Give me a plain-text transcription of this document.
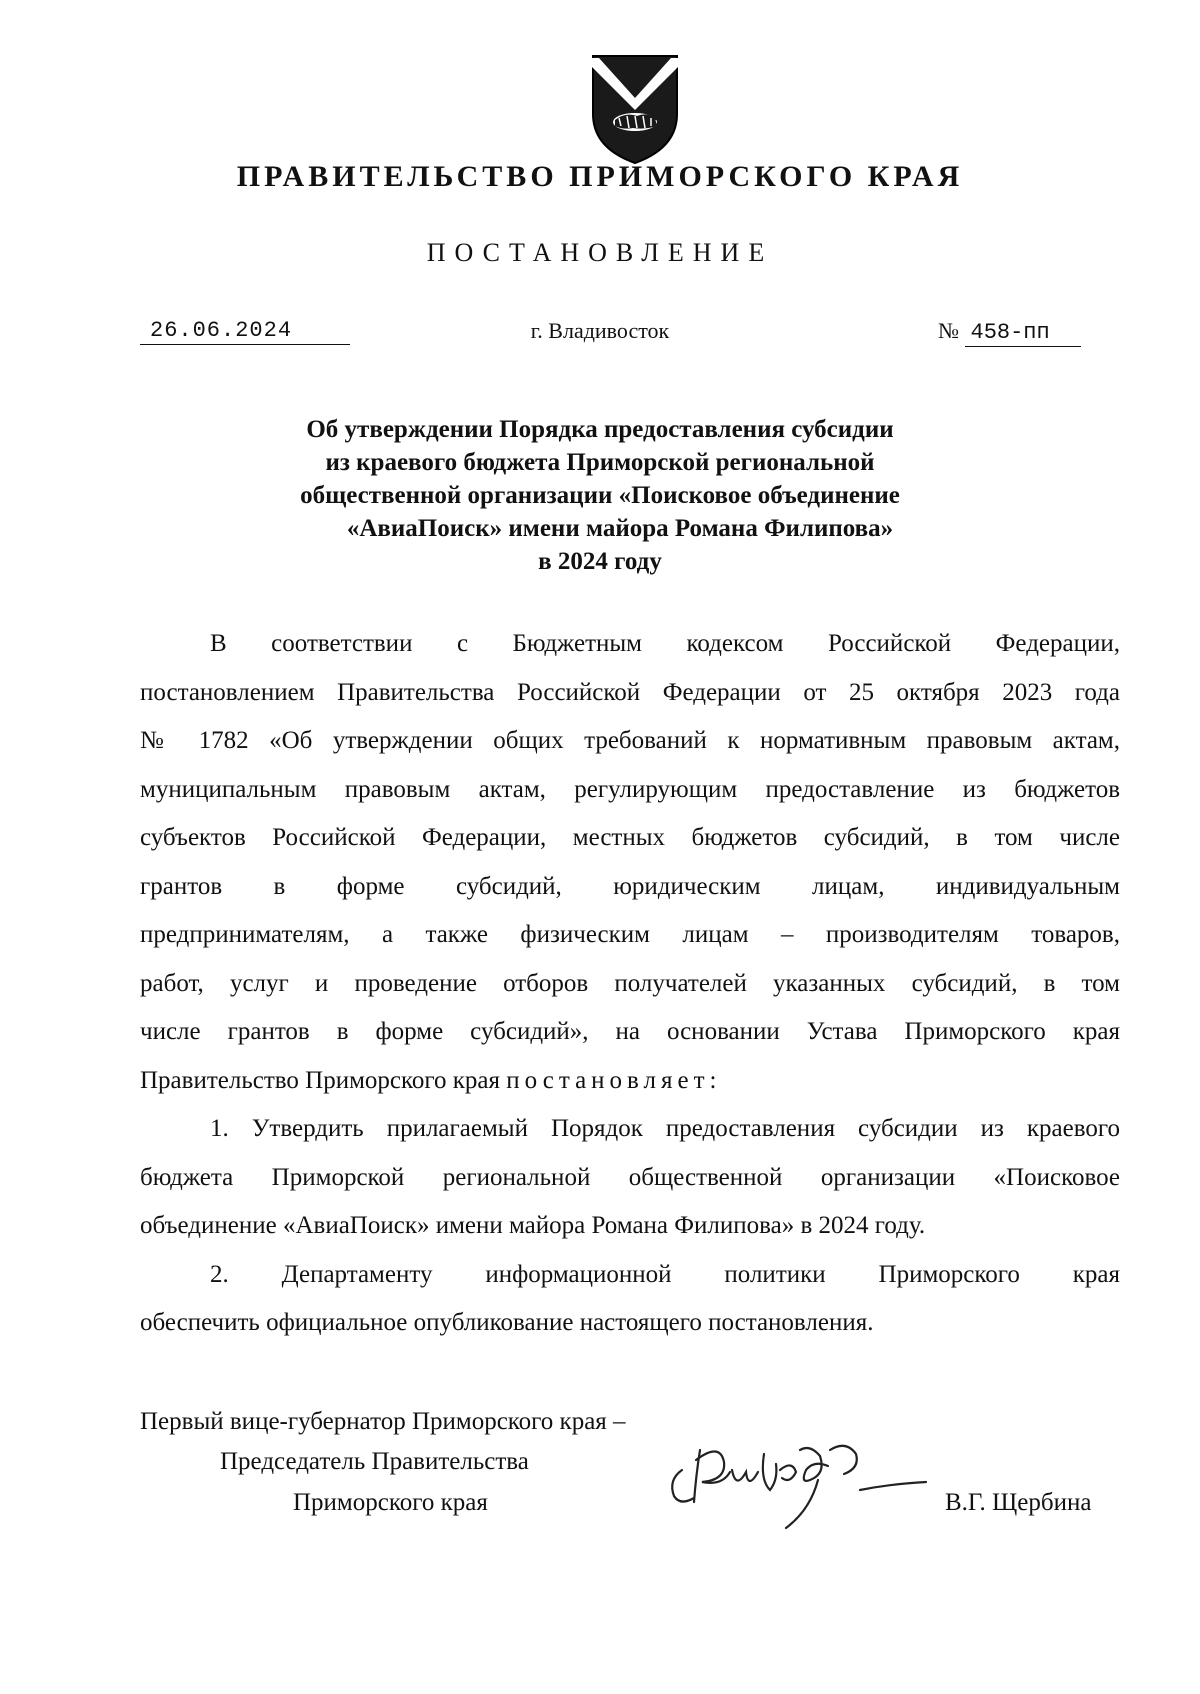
ПРАВИТЕЛЬСТВО ПРИМОРСКОГО КРАЯ
ПОСТАНОВЛЕНИЕ
26.06.2024	г. Владивосток	№ 458-пп
Об утверждении Порядка предоставления субсидии
из краевого бюджета Приморской региональной
общественной организации «Поисковое объединение
«АвиаПоиск» имени майора Романа Филипова»
в 2024 году
В соответствии с Бюджетным кодексом Российской Федерации,
постановлением Правительства Российской Федерации от 25 октября 2023 года
№ 1782 «Об утверждении общих требований к нормативным правовым актам,
муниципальным правовым актам, регулирующим предоставление из бюджетов
субъектов Российской Федерации, местных бюджетов субсидий, в том числе
грантов в форме субсидий, юридическим лицам, индивидуальным
предпринимателям, а также физическим лицам – производителям товаров,
работ, услуг и проведение отборов получателей указанных субсидий, в том
числе грантов в форме субсидий», на основании Устава Приморского края
Правительство Приморского края постановляет:
1. Утвердить прилагаемый Порядок предоставления субсидии из краевого
бюджета Приморской региональной общественной организации «Поисковое
объединение «АвиаПоиск» имени майора Романа Филипова» в 2024 году.
2. Департаменту информационной политики Приморского края
обеспечить официальное опубликование настоящего постановления.
Первый вице-губернатор Приморского края –
Председатель Правительства
Приморского края	В.Г. Щербина
